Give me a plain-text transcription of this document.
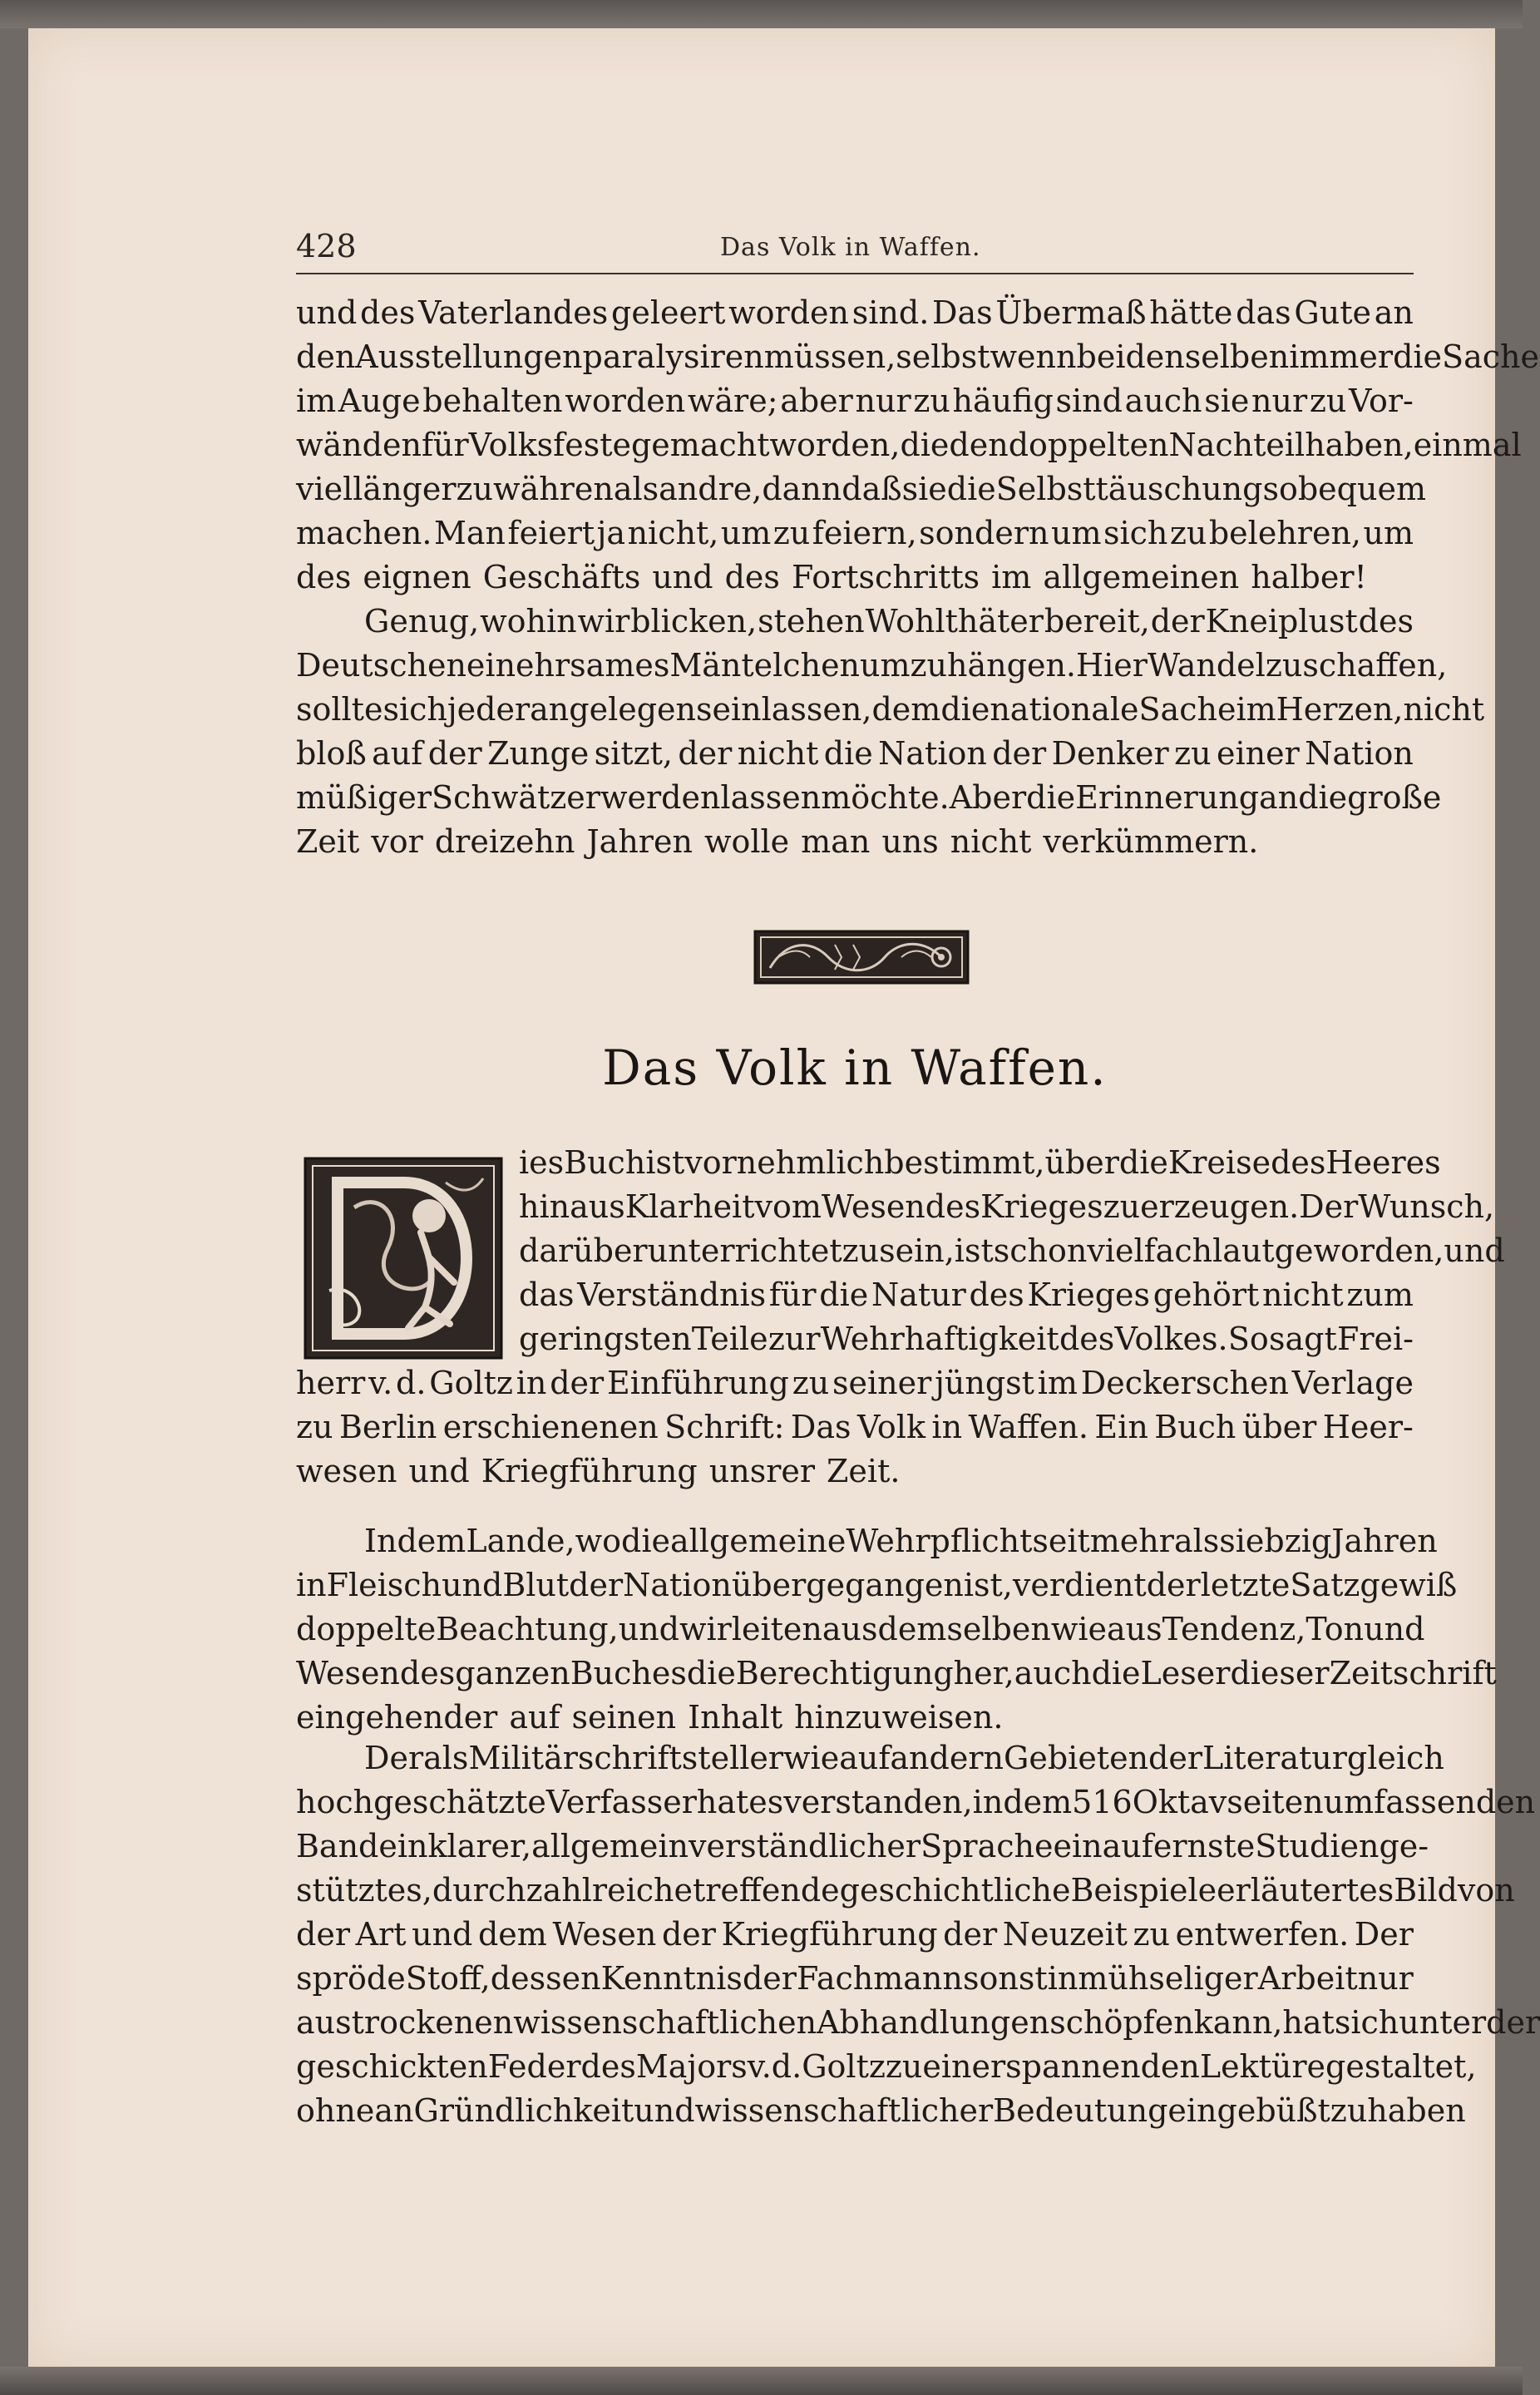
428	Das Volk in Waffen.
und des Vaterlandes geleert worden sind. Das Übermaß hätte das Gute an
den Ausstellungen paralysiren müssen, selbst wenn bei denselben immer die Sache
im Auge behalten worden wäre; aber nur zu häufig sind auch sie nur zu Vor-
wänden für Volksfeste gemacht worden, die den doppelten Nachteil haben, einmal
viel länger zu währen als andre, dann daß sie die Selbsttäuschung so bequem
machen. Man feiert ja nicht, um zu feiern, sondern um sich zu belehren, um
des eignen Geschäfts und des Fortschritts im allgemeinen halber!
Genug, wohin wir blicken, stehen Wohlthäter bereit, der Kneiplust des
Deutschen ein ehrsames Mäntelchen umzuhängen. Hier Wandel zu schaffen,
sollte sich jeder angelegen sein lassen, dem die nationale Sache im Herzen, nicht
bloß auf der Zunge sitzt, der nicht die Nation der Denker zu einer Nation
müßiger Schwätzer werden lassen möchte. Aber die Erinnerung an die große
Zeit vor dreizehn Jahren wolle man uns nicht verkümmern.
Das Volk in Waffen.
ies Buch ist vornehmlich bestimmt, über die Kreise des Heeres
hinaus Klarheit vom Wesen des Krieges zu erzeugen. Der Wunsch,
darüber unterrichtet zu sein, ist schon vielfach laut geworden, und
das Verständnis für die Natur des Krieges gehört nicht zum
geringsten Teile zur Wehrhaftigkeit des Volkes. So sagt Frei-
herr v. d. Goltz in der Einführung zu seiner jüngst im Deckerschen Verlage
zu Berlin erschienenen Schrift: Das Volk in Waffen. Ein Buch über Heer-
wesen und Kriegführung unsrer Zeit.
In dem Lande, wo die allgemeine Wehrpflicht seit mehr als siebzig Jahren
in Fleisch und Blut der Nation übergegangen ist, verdient der letzte Satz gewiß
doppelte Beachtung, und wir leiten aus demselben wie aus Tendenz, Ton und
Wesen des ganzen Buches die Berechtigung her, auch die Leser dieser Zeitschrift
eingehender auf seinen Inhalt hinzuweisen.
Der als Militärschriftsteller wie auf andern Gebieten der Literatur gleich
hochgeschätzte Verfasser hat es verstanden, in dem 516 Oktavseiten umfassenden
Bande in klarer, allgemein verständlicher Sprache ein auf ernste Studien ge-
stütztes, durch zahlreiche treffende geschichtliche Beispiele erläutertes Bild von
der Art und dem Wesen der Kriegführung der Neuzeit zu entwerfen. Der
spröde Stoff, dessen Kenntnis der Fachmann sonst in mühseliger Arbeit nur
aus trockenen wissenschaftlichen Abhandlungen schöpfen kann, hat sich unter der
geschickten Feder des Majors v. d. Goltz zu einer spannenden Lektüre gestaltet,
ohne an Gründlichkeit und wissenschaftlicher Bedeutung eingebüßt zu haben
